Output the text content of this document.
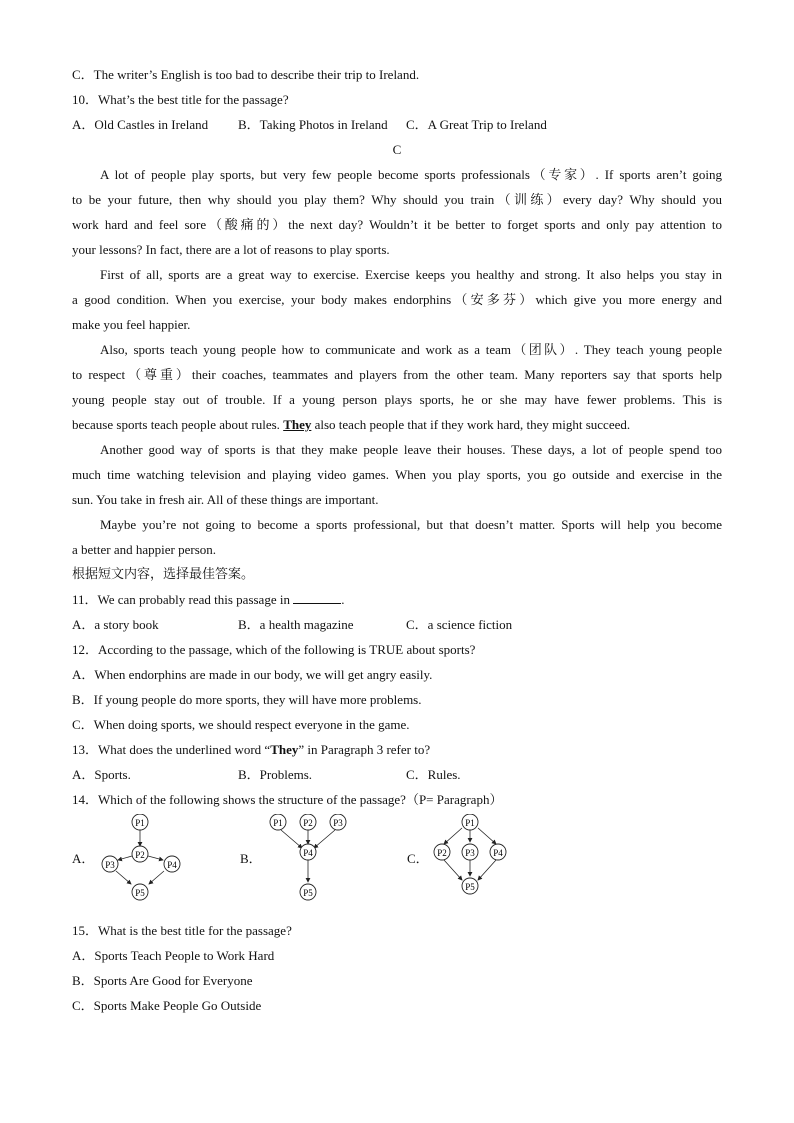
C．The writer’s English is too bad to describe their trip to Ireland.
10．What’s the best title for the passage?
A．Old Castles in Ireland B．Taking Photos in Ireland C．A Great Trip to Ireland
C
A lot of people play sports, but very few people become sports professionals（专家）. If sports aren’t going
to be your future, then why should you play them? Why should you train（训练）every day? Why should you
work hard and feel sore（酸痛的）the next day? Wouldn’t it be better to forget sports and only pay attention to
your lessons? In fact, there are a lot of reasons to play sports.
First of all, sports are a great way to exercise. Exercise keeps you healthy and strong. It also helps you stay in
a good condition. When you exercise, your body makes endorphins（安多芬）which give you more energy and
make you feel happier.
Also, sports teach young people how to communicate and work as a team（团队）. They teach young people
to respect（尊重）their coaches, teammates and players from the other team. Many reporters say that sports help
young people stay out of trouble. If a young person plays sports, he or she may have fewer problems. This is
because sports teach people about rules. They also teach people that if they work hard, they might succeed.
Another good way of sports is that they make people leave their houses. These days, a lot of people spend too
much time watching television and playing video games. When you play sports, you go outside and exercise in the
sun. You take in fresh air. All of these things are important.
Maybe you’re not going to become a sports professional, but that doesn’t matter. Sports will help you become
a better and happier person.
根据短文内容，选择最佳答案。
11．We can probably read this passage in	.
A．a story book	B．a health magazine	C．a science fiction
12．According to the passage, which of the following is TRUE about sports?
A．When endorphins are made in our body, we will get angry easily.
B．If young people do more sports, they will have more problems.
C．When doing sports, we should respect everyone in the game.
13．What does the underlined word “They” in Paragraph 3 refer to?
A．Sports.	B．Problems.	C．Rules.
14．Which of the following shows the structure of the passage?（P= Paragraph）
A．
P1
P2
P3	P4
P5
B．
P1 P2 P3
P4
P5
C．
P1
P2 P3 P4
P5
15．What is the best title for the passage?
A．Sports Teach People to Work Hard
B．Sports Are Good for Everyone
C．Sports Make People Go Outside
